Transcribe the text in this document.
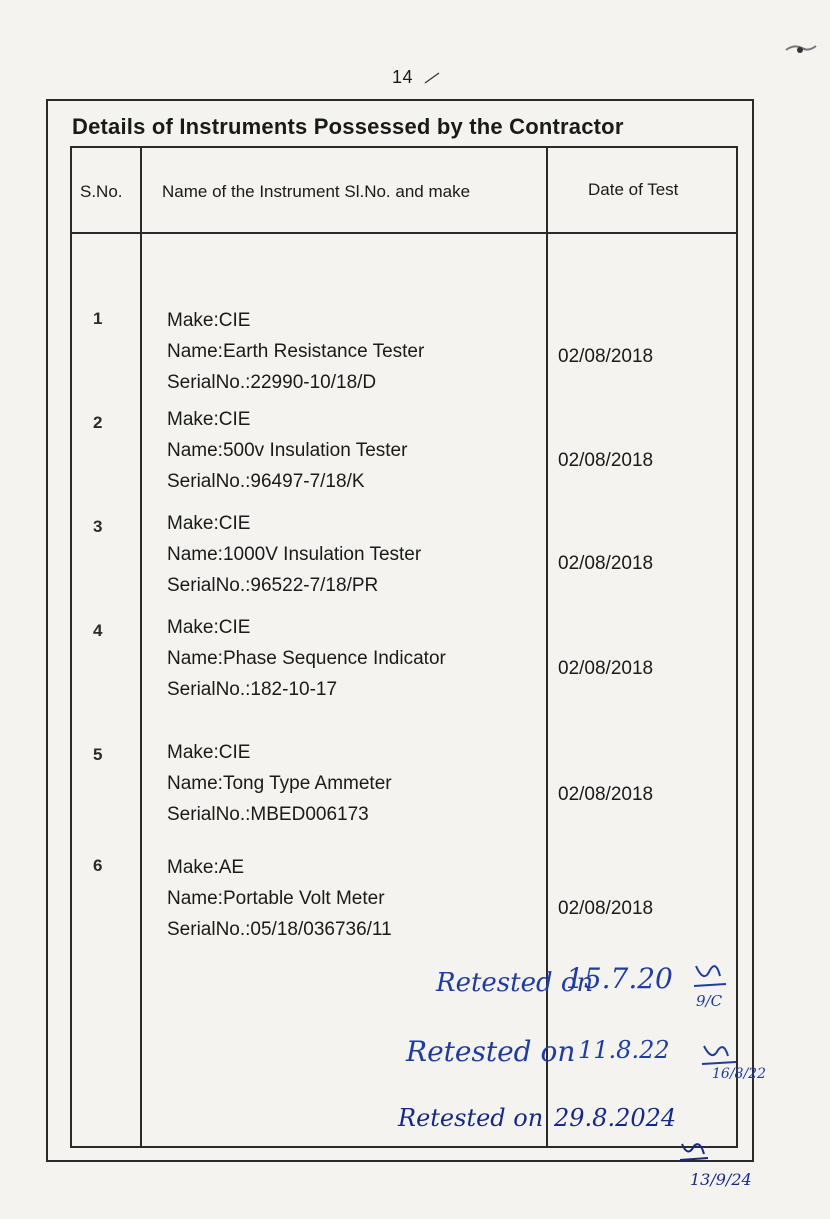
14
Details of Instruments Possessed by the Contractor
S.No. Name of the Instrument Sl.No. and make	Date of Test
1	Make:CIE
Name:Earth Resistance Tester
SerialNo.:22990-10/18/D
02/08/2018
2	Make:CIE
Name:500v Insulation Tester
SerialNo.:96497-7/18/K
02/08/2018
3	Make:CIE
Name:1000V Insulation Tester
SerialNo.:96522-7/18/PR
02/08/2018
4	Make:CIE
Name:Phase Sequence Indicator
SerialNo.:182-10-17
02/08/2018
5	Make:CIE
Name:Tong Type Ammeter
SerialNo.:MBED006173
02/08/2018
6	Make:AE
Name:Portable Volt Meter
SerialNo.:05/18/036736/11
02/08/2018
Retested on
15.7.20
9/C
Retested on 11.8.22
16/8/22
Retested on 29.8.2024
13/9/24
